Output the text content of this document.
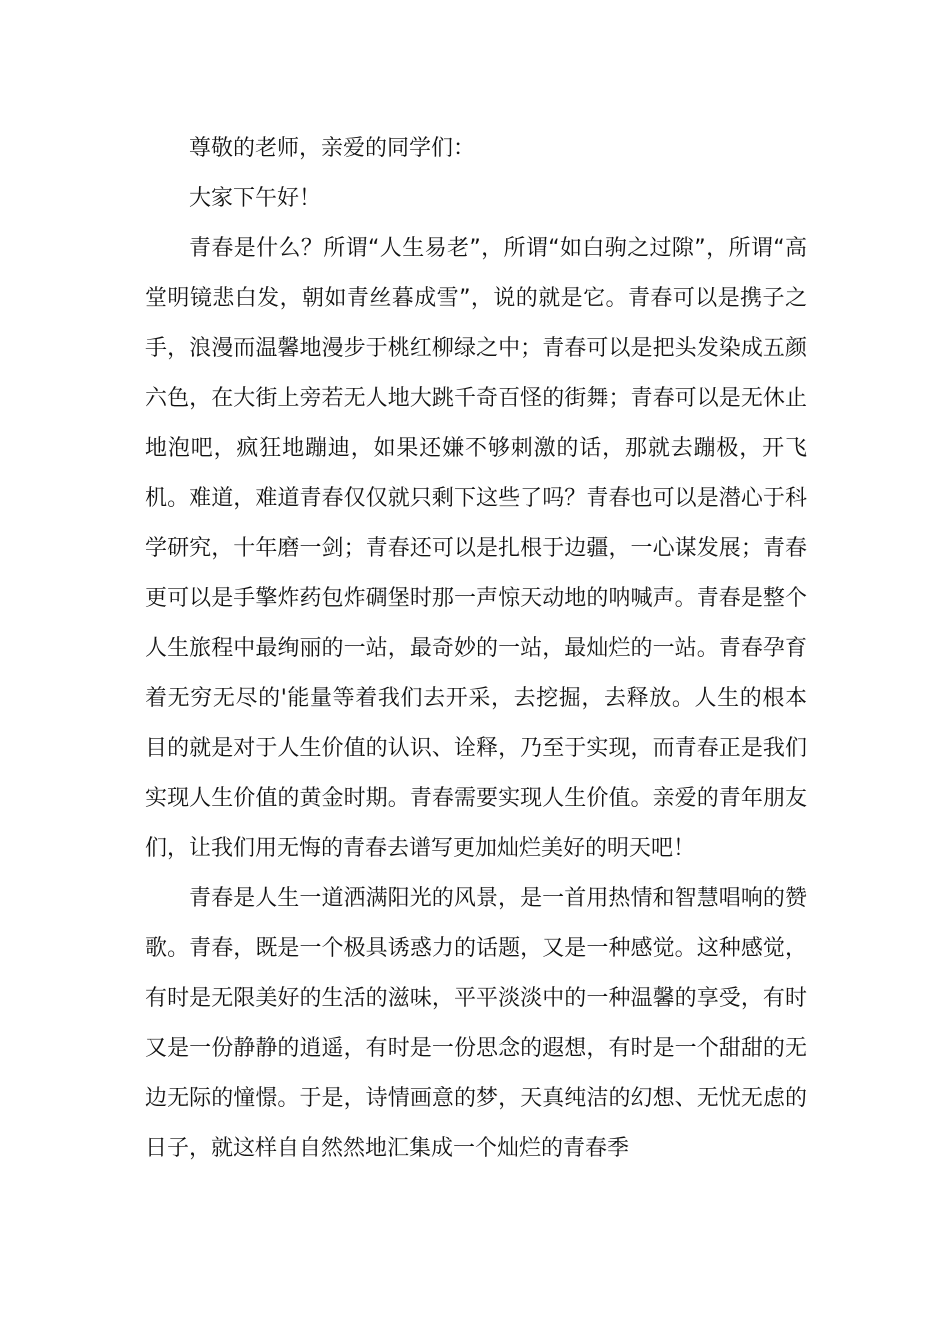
尊敬的老师，亲爱的同学们：

大家下午好！

青春是什么？所谓“人生易老”，所谓“如白驹之过隙”，所谓“高堂明镜悲白发，朝如青丝暮成雪”，说的就是它。青春可以是携子之手，浪漫而温馨地漫步于桃红柳绿之中；青春可以是把头发染成五颜六色，在大街上旁若无人地大跳千奇百怪的街舞；青春可以是无休止地泡吧，疯狂地蹦迪，如果还嫌不够刺激的话，那就去蹦极，开飞机。难道，难道青春仅仅就只剩下这些了吗？青春也可以是潜心于科学研究，十年磨一剑；青春还可以是扎根于边疆，一心谋发展；青春更可以是手擎炸药包炸碉堡时那一声惊天动地的呐喊声。青春是整个人生旅程中最绚丽的一站，最奇妙的一站，最灿烂的一站。青春孕育着无穷无尽的'能量等着我们去开采，去挖掘，去释放。人生的根本目的就是对于人生价值的认识、诠释，乃至于实现，而青春正是我们实现人生价值的黄金时期。青春需要实现人生价值。亲爱的青年朋友们，让我们用无悔的青春去谱写更加灿烂美好的明天吧！

青春是人生一道洒满阳光的风景，是一首用热情和智慧唱响的赞歌。青春，既是一个极具诱惑力的话题，又是一种感觉。这种感觉，有时是无限美好的生活的滋味，平平淡淡中的一种温馨的享受，有时又是一份静静的逍遥，有时是一份思念的遐想，有时是一个甜甜的无边无际的憧憬。于是，诗情画意的梦，天真纯洁的幻想、无忧无虑的日子，就这样自自然然地汇集成一个灿烂的青春季
